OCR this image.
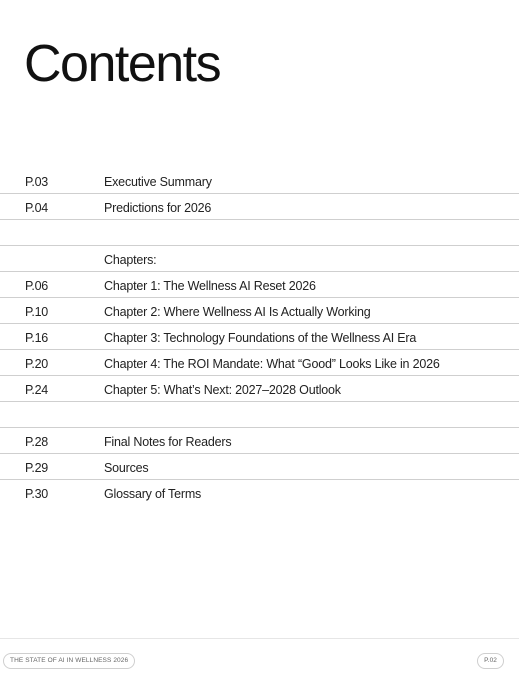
Contents
P.03	Executive Summary
P.04	Predictions for 2026
Chapters:
P.06	Chapter 1: The Wellness AI Reset 2026
P.10	Chapter 2: Where Wellness AI Is Actually Working
P.16	Chapter 3: Technology Foundations of the Wellness AI Era
P.20	Chapter 4: The ROI Mandate: What “Good” Looks Like in 2026
P.24	Chapter 5: What’s Next: 2027–2028 Outlook
P.28	Final Notes for Readers
P.29	Sources
P.30	Glossary of Terms
THE STATE OF AI IN WELLNESS 2026	P.02
